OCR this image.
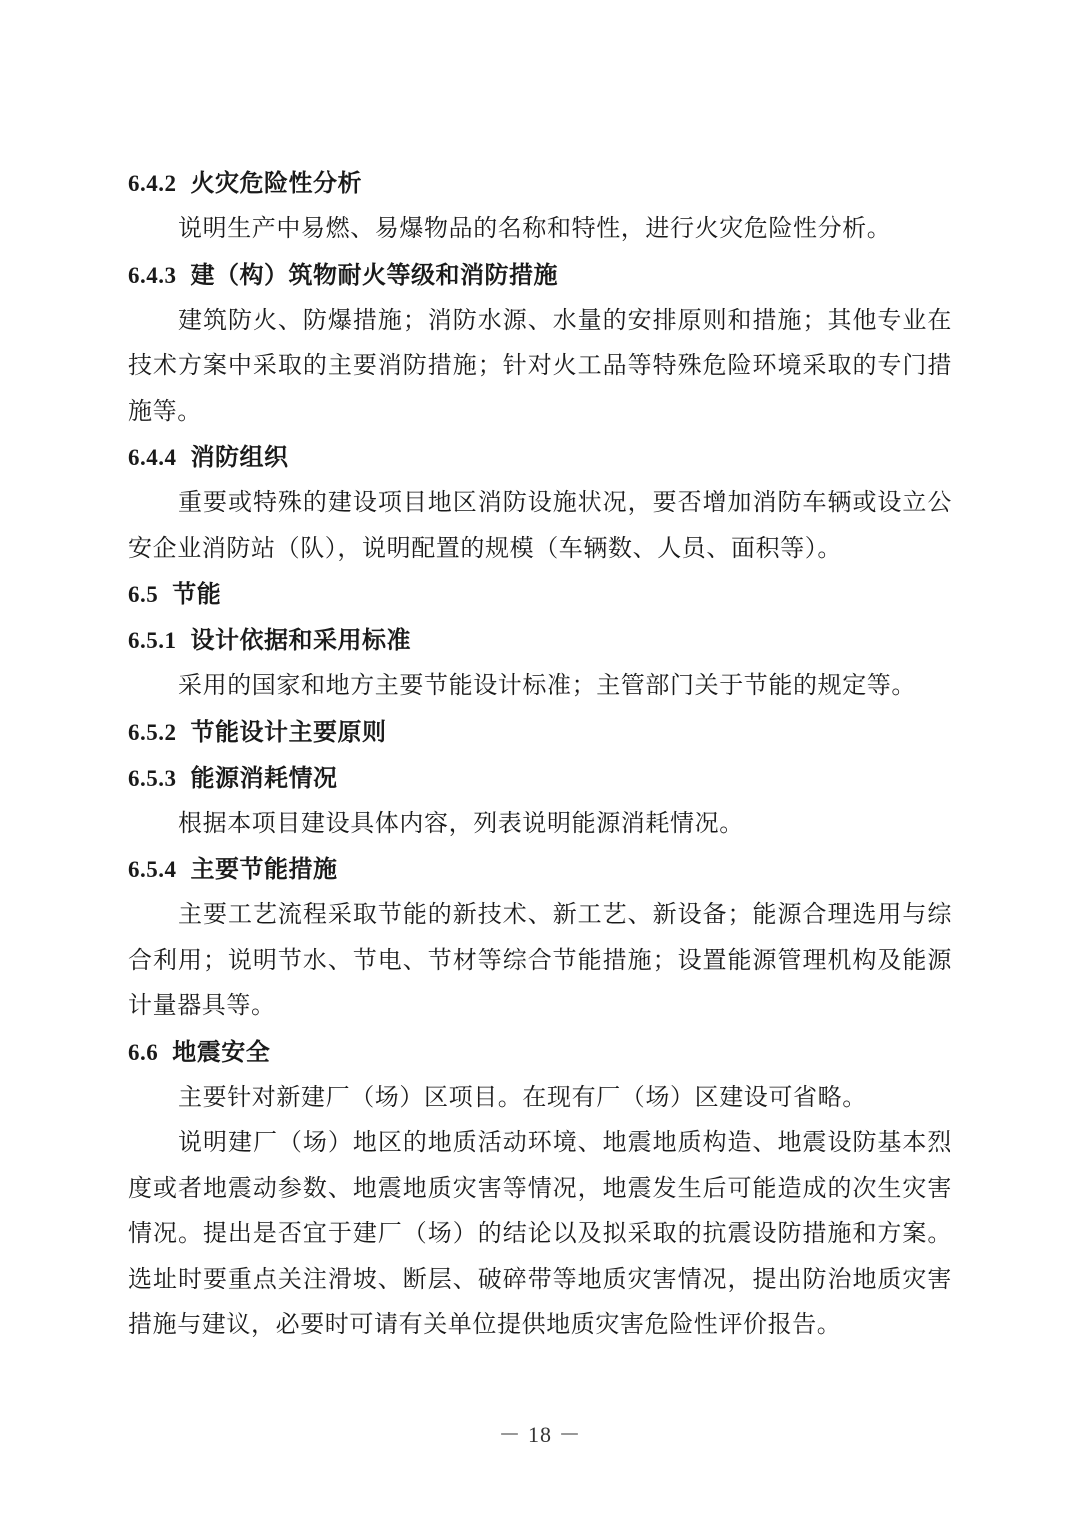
6.4.2 火灾危险性分析

说明生产中易燃、易爆物品的名称和特性，进行火灾危险性分析。

6.4.3 建（构）筑物耐火等级和消防措施

建筑防火、防爆措施；消防水源、水量的安排原则和措施；其他专业在技术方案中采取的主要消防措施；针对火工品等特殊危险环境采取的专门措施等。

6.4.4 消防组织

重要或特殊的建设项目地区消防设施状况，要否增加消防车辆或设立公安企业消防站（队），说明配置的规模（车辆数、人员、面积等）。

6.5 节能
6.5.1 设计依据和采用标准

采用的国家和地方主要节能设计标准；主管部门关于节能的规定等。

6.5.2 节能设计主要原则
6.5.3 能源消耗情况

根据本项目建设具体内容，列表说明能源消耗情况。

6.5.4 主要节能措施

主要工艺流程采取节能的新技术、新工艺、新设备；能源合理选用与综合利用；说明节水、节电、节材等综合节能措施；设置能源管理机构及能源计量器具等。

6.6 地震安全

主要针对新建厂（场）区项目。在现有厂（场）区建设可省略。

说明建厂（场）地区的地质活动环境、地震地质构造、地震设防基本烈度或者地震动参数、地震地质灾害等情况，地震发生后可能造成的次生灾害情况。提出是否宜于建厂（场）的结论以及拟采取的抗震设防措施和方案。选址时要重点关注滑坡、断层、破碎带等地质灾害情况，提出防治地质灾害措施与建议，必要时可请有关单位提供地质灾害危险性评价报告。

－ 18 －
